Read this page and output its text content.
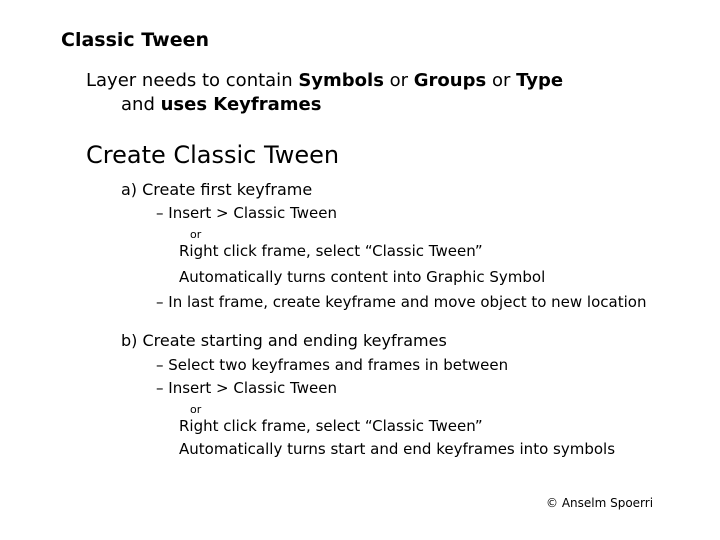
Classic Tween
Layer needs to contain Symbols or Groups or Type
and uses Keyframes
Create Classic Tween
a) Create first keyframe
– Insert > Classic Tween
or
Right click frame, select “Classic Tween”
Automatically turns content into Graphic Symbol
– In last frame, create keyframe and move object to new location
b) Create starting and ending keyframes
– Select two keyframes and frames in between
– Insert > Classic Tween
or
Right click frame, select “Classic Tween”
Automatically turns start and end keyframes into symbols
© Anselm Spoerri
